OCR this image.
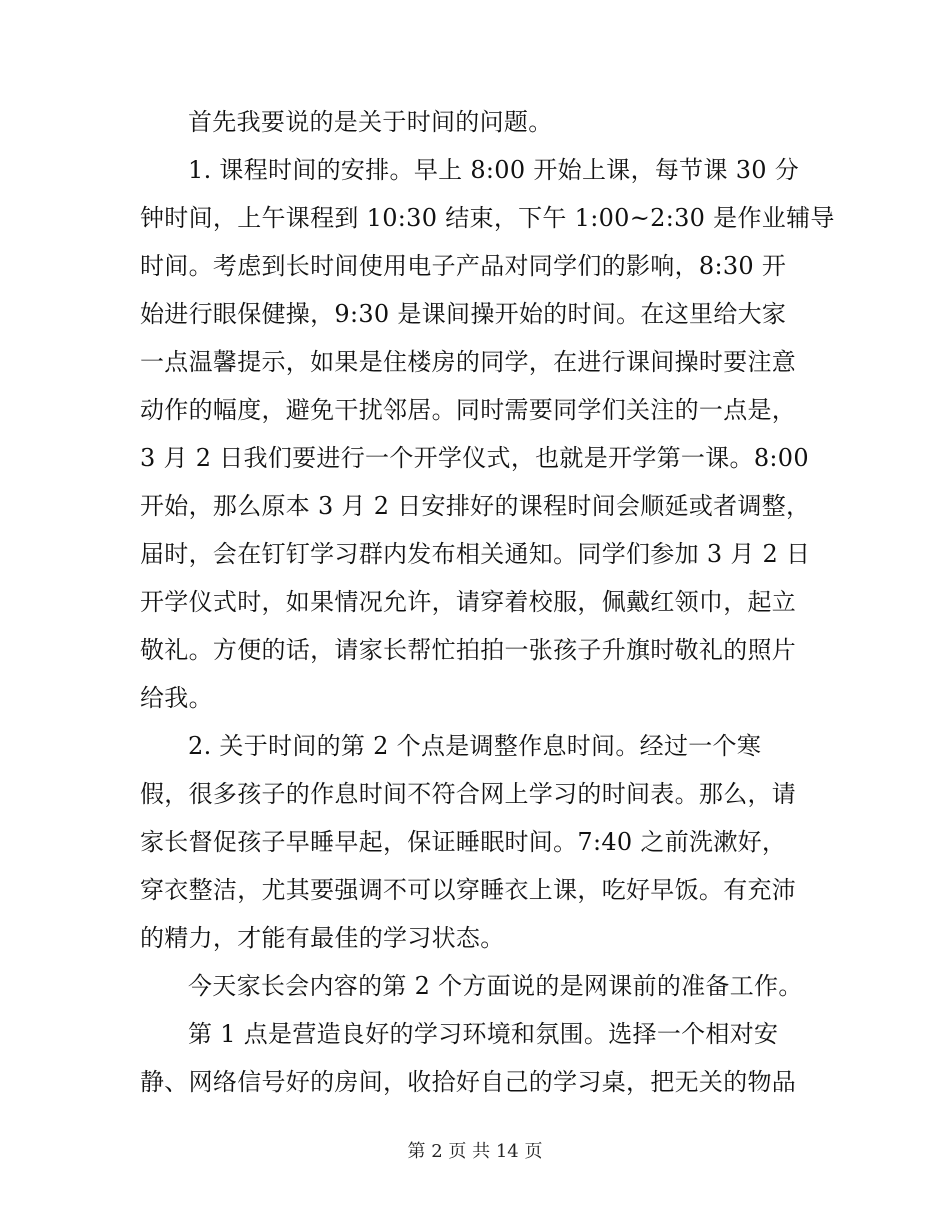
首先我要说的是关于时间的问题。
1. 课程时间的安排。早上 8:00 开始上课，每节课 30 分
钟时间，上午课程到 10:30 结束，下午 1:00~2:30 是作业辅导
时间。考虑到长时间使用电子产品对同学们的影响，8:30 开
始进行眼保健操，9:30 是课间操开始的时间。在这里给大家
一点温馨提示，如果是住楼房的同学，在进行课间操时要注意
动作的幅度，避免干扰邻居。同时需要同学们关注的一点是，
3 月 2 日我们要进行一个开学仪式，也就是开学第一课。8:00
开始，那么原本 3 月 2 日安排好的课程时间会顺延或者调整，
届时，会在钉钉学习群内发布相关通知。同学们参加 3 月 2 日
开学仪式时，如果情况允许，请穿着校服，佩戴红领巾，起立
敬礼。方便的话，请家长帮忙拍拍一张孩子升旗时敬礼的照片
给我。
2. 关于时间的第 2 个点是调整作息时间。经过一个寒
假，很多孩子的作息时间不符合网上学习的时间表。那么，请
家长督促孩子早睡早起，保证睡眠时间。7:40 之前洗漱好，
穿衣整洁，尤其要强调不可以穿睡衣上课，吃好早饭。有充沛
的精力，才能有最佳的学习状态。
今天家长会内容的第 2 个方面说的是网课前的准备工作。
第 1 点是营造良好的学习环境和氛围。选择一个相对安
静、网络信号好的房间，收拾好自己的学习桌，把无关的物品
第 2 页 共 14 页
